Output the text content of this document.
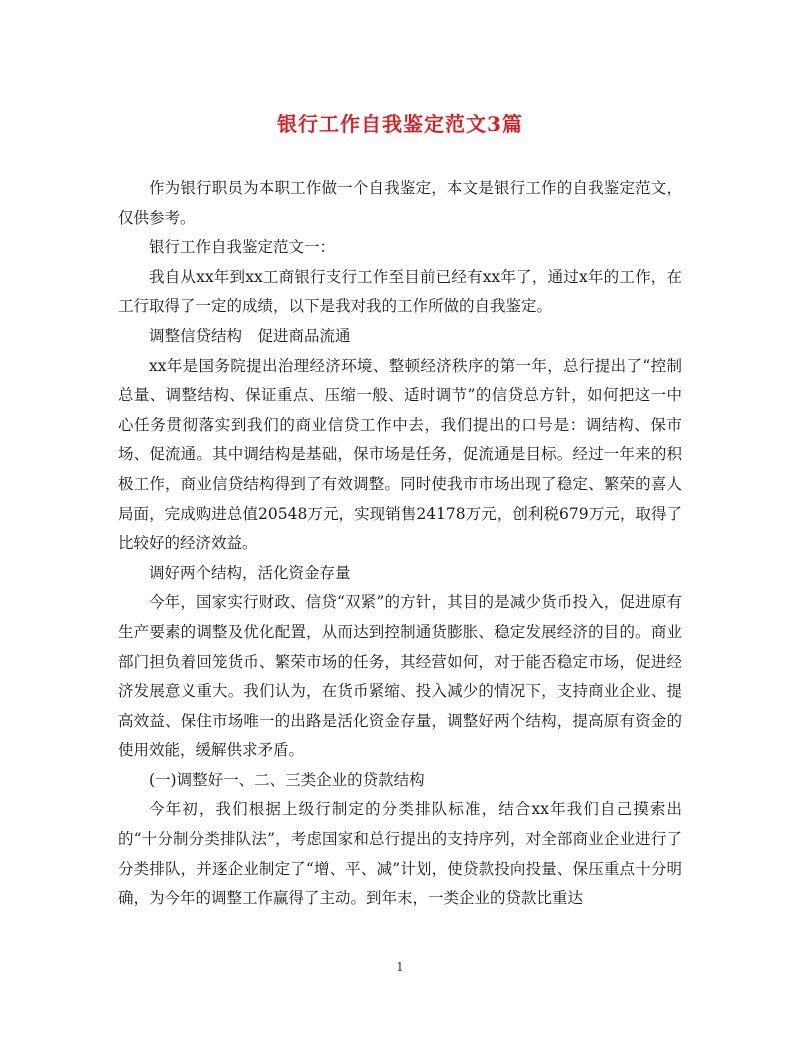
银行工作自我鉴定范文3篇

作为银行职员为本职工作做一个自我鉴定，本文是银行工作的自我鉴定范文，仅供参考。

银行工作自我鉴定范文一：

我自从xx年到xx工商银行支行工作至目前已经有xx年了，通过x年的工作，在工行取得了一定的成绩，以下是我对我的工作所做的自我鉴定。

调整信贷结构　促进商品流通

xx年是国务院提出治理经济环境、整顿经济秩序的第一年，总行提出了“控制总量、调整结构、保证重点、压缩一般、适时调节”的信贷总方针，如何把这一中心任务贯彻落实到我们的商业信贷工作中去，我们提出的口号是：调结构、保市场、促流通。其中调结构是基础，保市场是任务，促流通是目标。经过一年来的积极工作，商业信贷结构得到了有效调整。同时使我市市场出现了稳定、繁荣的喜人局面，完成购进总值20548万元，实现销售24178万元，创利税679万元，取得了比较好的经济效益。

调好两个结构，活化资金存量

今年，国家实行财政、信贷“双紧”的方针，其目的是减少货币投入，促进原有生产要素的调整及优化配置，从而达到控制通货膨胀、稳定发展经济的目的。商业部门担负着回笼货币、繁荣市场的任务，其经营如何，对于能否稳定市场，促进经济发展意义重大。我们认为，在货币紧缩、投入减少的情况下，支持商业企业、提高效益、保住市场唯一的出路是活化资金存量，调整好两个结构，提高原有资金的使用效能，缓解供求矛盾。

(一)调整好一、二、三类企业的贷款结构

今年初，我们根据上级行制定的分类排队标准，结合xx年我们自己摸索出的“十分制分类排队法”，考虑国家和总行提出的支持序列，对全部商业企业进行了分类排队，并逐企业制定了“增、平、减”计划，使贷款投向投量、保压重点十分明确，为今年的调整工作赢得了主动。到年末，一类企业的贷款比重达

1
